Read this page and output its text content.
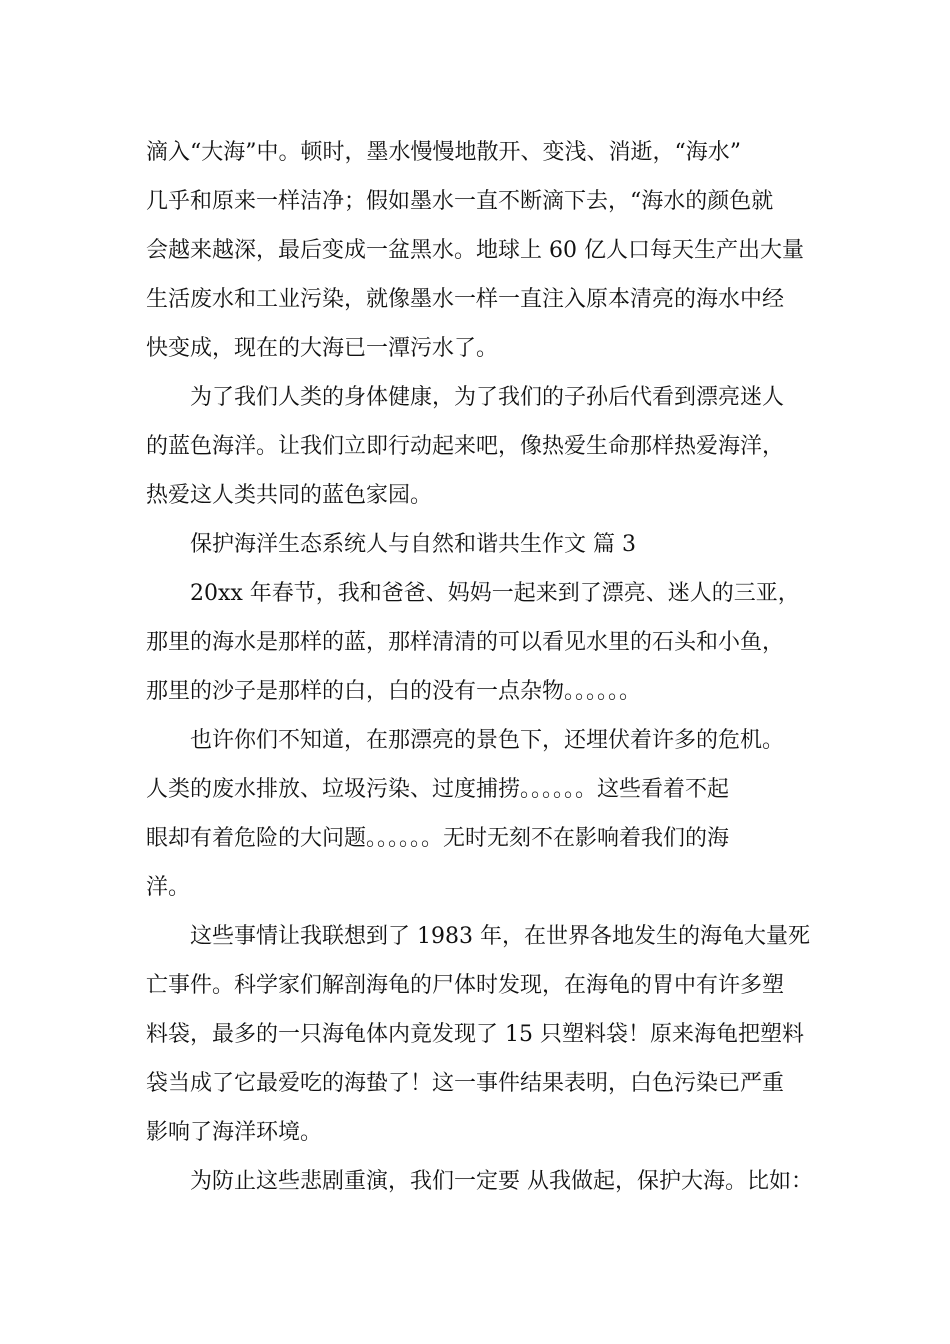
滴入“大海”中。顿时，墨水慢慢地散开、变浅、消逝，“海水”
几乎和原来一样洁净；假如墨水一直不断滴下去，“海水的颜色就
会越来越深，最后变成一盆黑水。地球上 60 亿人口每天生产出大量
生活废水和工业污染，就像墨水一样一直注入原本清亮的海水中经
快变成，现在的大海已一潭污水了。

为了我们人类的身体健康，为了我们的子孙后代看到漂亮迷人
的蓝色海洋。让我们立即行动起来吧，像热爱生命那样热爱海洋，
热爱这人类共同的蓝色家园。

保护海洋生态系统人与自然和谐共生作文 篇 3

20xx 年春节，我和爸爸、妈妈一起来到了漂亮、迷人的三亚，
那里的海水是那样的蓝，那样清清的可以看见水里的石头和小鱼，
那里的沙子是那样的白，白的没有一点杂物。。。。。。

也许你们不知道，在那漂亮的景色下，还埋伏着许多的危机。
人类的废水排放、垃圾污染、过度捕捞。。。。。。这些看着不起
眼却有着危险的大问题。。。。。。无时无刻不在影响着我们的海
洋。

这些事情让我联想到了 1983 年，在世界各地发生的海龟大量死
亡事件。科学家们解剖海龟的尸体时发现，在海龟的胃中有许多塑
料袋，最多的一只海龟体内竟发现了 15 只塑料袋！原来海龟把塑料
袋当成了它最爱吃的海蛰了！这一事件结果表明，白色污染已严重
影响了海洋环境。

为防止这些悲剧重演，我们一定要 从我做起，保护大海。比如：
